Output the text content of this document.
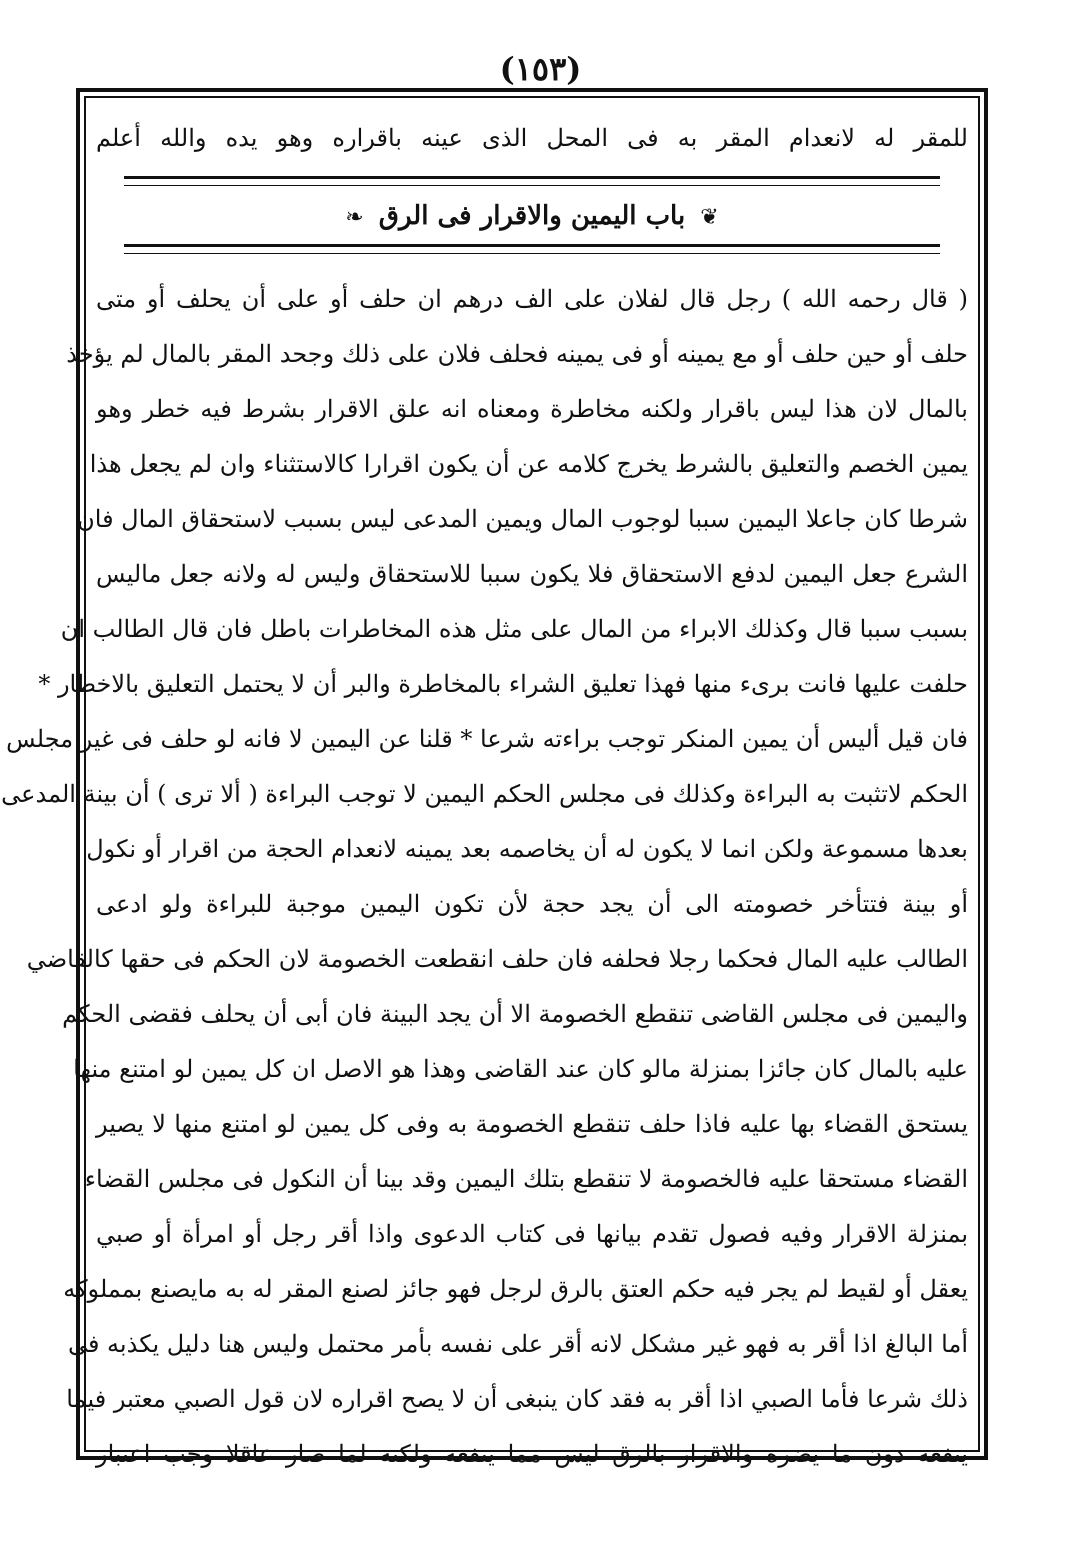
(١٥٣)
للمقر له لانعدام المقر به فى المحل الذى عينه باقراره وهو يده والله أعلم
❦ باب اليمين والاقرار فى الرق ❧
( قال رحمه الله ) رجل قال لفلان على الف درهم ان حلف أو على أن يحلف أو متى
حلف أو حين حلف أو مع يمينه أو فى يمينه فحلف فلان على ذلك وجحد المقر بالمال لم يؤخذ
بالمال لان هذا ليس باقرار ولكنه مخاطرة ومعناه انه علق الاقرار بشرط فيه خطر وهو
يمين الخصم والتعليق بالشرط يخرج كلامه عن أن يكون اقرارا كالاستثناء وان لم يجعل هذا
شرطا كان جاعلا اليمين سببا لوجوب المال ويمين المدعى ليس بسبب لاستحقاق المال فان
الشرع جعل اليمين لدفع الاستحقاق فلا يكون سببا للاستحقاق وليس له ولانه جعل ماليس
بسبب سببا قال وكذلك الابراء من المال على مثل هذه المخاطرات باطل فان قال الطالب ان
حلفت عليها فانت برىء منها فهذا تعليق الشراء بالمخاطرة والبر أن لا يحتمل التعليق بالاخطار *
فان قيل أليس أن يمين المنكر توجب براءته شرعا * قلنا عن اليمين لا فانه لو حلف فى غير مجلس
الحكم لاتثبت به البراءة وكذلك فى مجلس الحكم اليمين لا توجب البراءة ( ألا ترى ) أن بينة المدعى
بعدها مسموعة ولكن انما لا يكون له أن يخاصمه بعد يمينه لانعدام الحجة من اقرار أو نكول
أو بينة فتتأخر خصومته الى أن يجد حجة لأن تكون اليمين موجبة للبراءة ولو ادعى
الطالب عليه المال فحكما رجلا فحلفه فان حلف انقطعت الخصومة لان الحكم فى حقها كالقاضي
واليمين فى مجلس القاضى تنقطع الخصومة الا أن يجد البينة فان أبى أن يحلف فقضى الحكم
عليه بالمال كان جائزا بمنزلة مالو كان عند القاضى وهذا هو الاصل ان كل يمين لو امتنع منها
يستحق القضاء بها عليه فاذا حلف تنقطع الخصومة به وفى كل يمين لو امتنع منها لا يصير
القضاء مستحقا عليه فالخصومة لا تنقطع بتلك اليمين وقد بينا أن النكول فى مجلس القضاء
بمنزلة الاقرار وفيه فصول تقدم بيانها فى كتاب الدعوى واذا أقر رجل أو امرأة أو صبي
يعقل أو لقيط لم يجر فيه حكم العتق بالرق لرجل فهو جائز لصنع المقر له به مايصنع بمملوكه
أما البالغ اذا أقر به فهو غير مشكل لانه أقر على نفسه بأمر محتمل وليس هنا دليل يكذبه فى
ذلك شرعا فأما الصبي اذا أقر به فقد كان ينبغى أن لا يصح اقراره لان قول الصبي معتبر فيما
ينفعه دون ما يضره والاقرار بالرق ليس مما ينفعه ولكنه لما صار عاقلا وجب اعتبار
